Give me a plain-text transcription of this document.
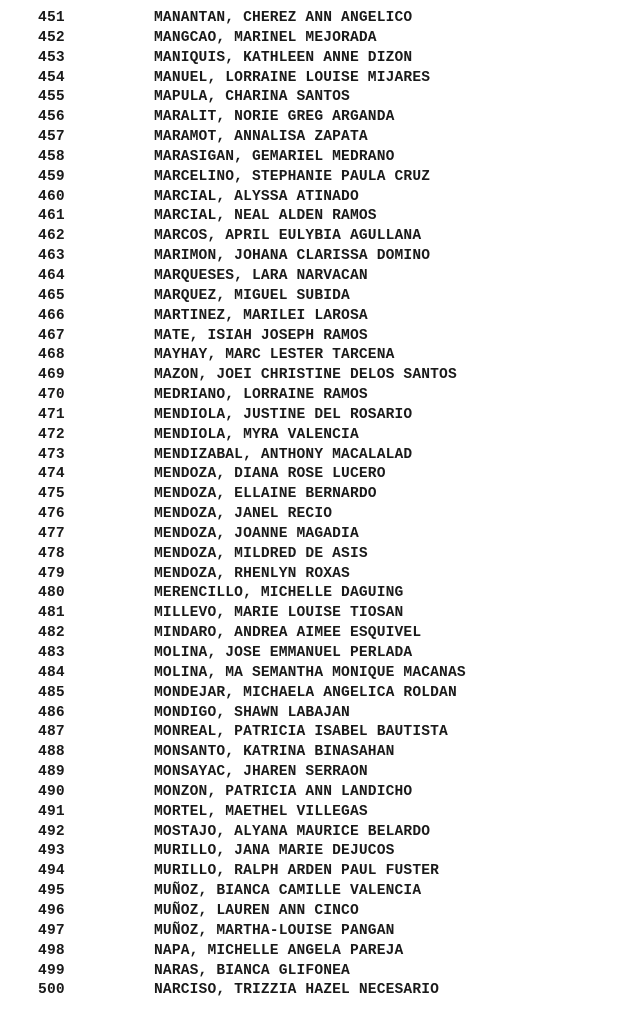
451	MANANTAN, CHEREZ ANN ANGELICO
452	MANGCAO, MARINEL MEJORADA
453	MANIQUIS, KATHLEEN ANNE DIZON
454	MANUEL, LORRAINE LOUISE MIJARES
455	MAPULA, CHARINA SANTOS
456	MARALIT, NORIE GREG ARGANDA
457	MARAMOT, ANNALISA ZAPATA
458	MARASIGAN, GEMARIEL MEDRANO
459	MARCELINO, STEPHANIE PAULA CRUZ
460	MARCIAL, ALYSSA ATINADO
461	MARCIAL, NEAL ALDEN RAMOS
462	MARCOS, APRIL EULYBIA AGULLANA
463	MARIMON, JOHANA CLARISSA DOMINO
464	MARQUESES, LARA NARVACAN
465	MARQUEZ, MIGUEL SUBIDA
466	MARTINEZ, MARILEI LAROSA
467	MATE, ISIAH JOSEPH RAMOS
468	MAYHAY, MARC LESTER TARCENA
469	MAZON, JOEI CHRISTINE DELOS SANTOS
470	MEDRIANO, LORRAINE RAMOS
471	MENDIOLA, JUSTINE DEL ROSARIO
472	MENDIOLA, MYRA VALENCIA
473	MENDIZABAL, ANTHONY MACALALAD
474	MENDOZA, DIANA ROSE LUCERO
475	MENDOZA, ELLAINE BERNARDO
476	MENDOZA, JANEL RECIO
477	MENDOZA, JOANNE MAGADIA
478	MENDOZA, MILDRED DE ASIS
479	MENDOZA, RHENLYN ROXAS
480	MERENCILLO, MICHELLE DAGUING
481	MILLEVO, MARIE LOUISE TIOSAN
482	MINDARO, ANDREA AIMEE ESQUIVEL
483	MOLINA, JOSE EMMANUEL PERLADA
484	MOLINA, MA SEMANTHA MONIQUE MACANAS
485	MONDEJAR, MICHAELA ANGELICA ROLDAN
486	MONDIGO, SHAWN LABAJAN
487	MONREAL, PATRICIA ISABEL BAUTISTA
488	MONSANTO, KATRINA BINASAHAN
489	MONSAYAC, JHAREN SERRAON
490	MONZON, PATRICIA ANN LANDICHO
491	MORTEL, MAETHEL VILLEGAS
492	MOSTAJO, ALYANA MAURICE BELARDO
493	MURILLO, JANA MARIE DEJUCOS
494	MURILLO, RALPH ARDEN PAUL FUSTER
495	MUÑOZ, BIANCA CAMILLE VALENCIA
496	MUÑOZ, LAUREN ANN CINCO
497	MUÑOZ, MARTHA-LOUISE PANGAN
498	NAPA, MICHELLE ANGELA PAREJA
499	NARAS, BIANCA GLIFONEA
500	NARCISO, TRIZZIA HAZEL NECESARIO
